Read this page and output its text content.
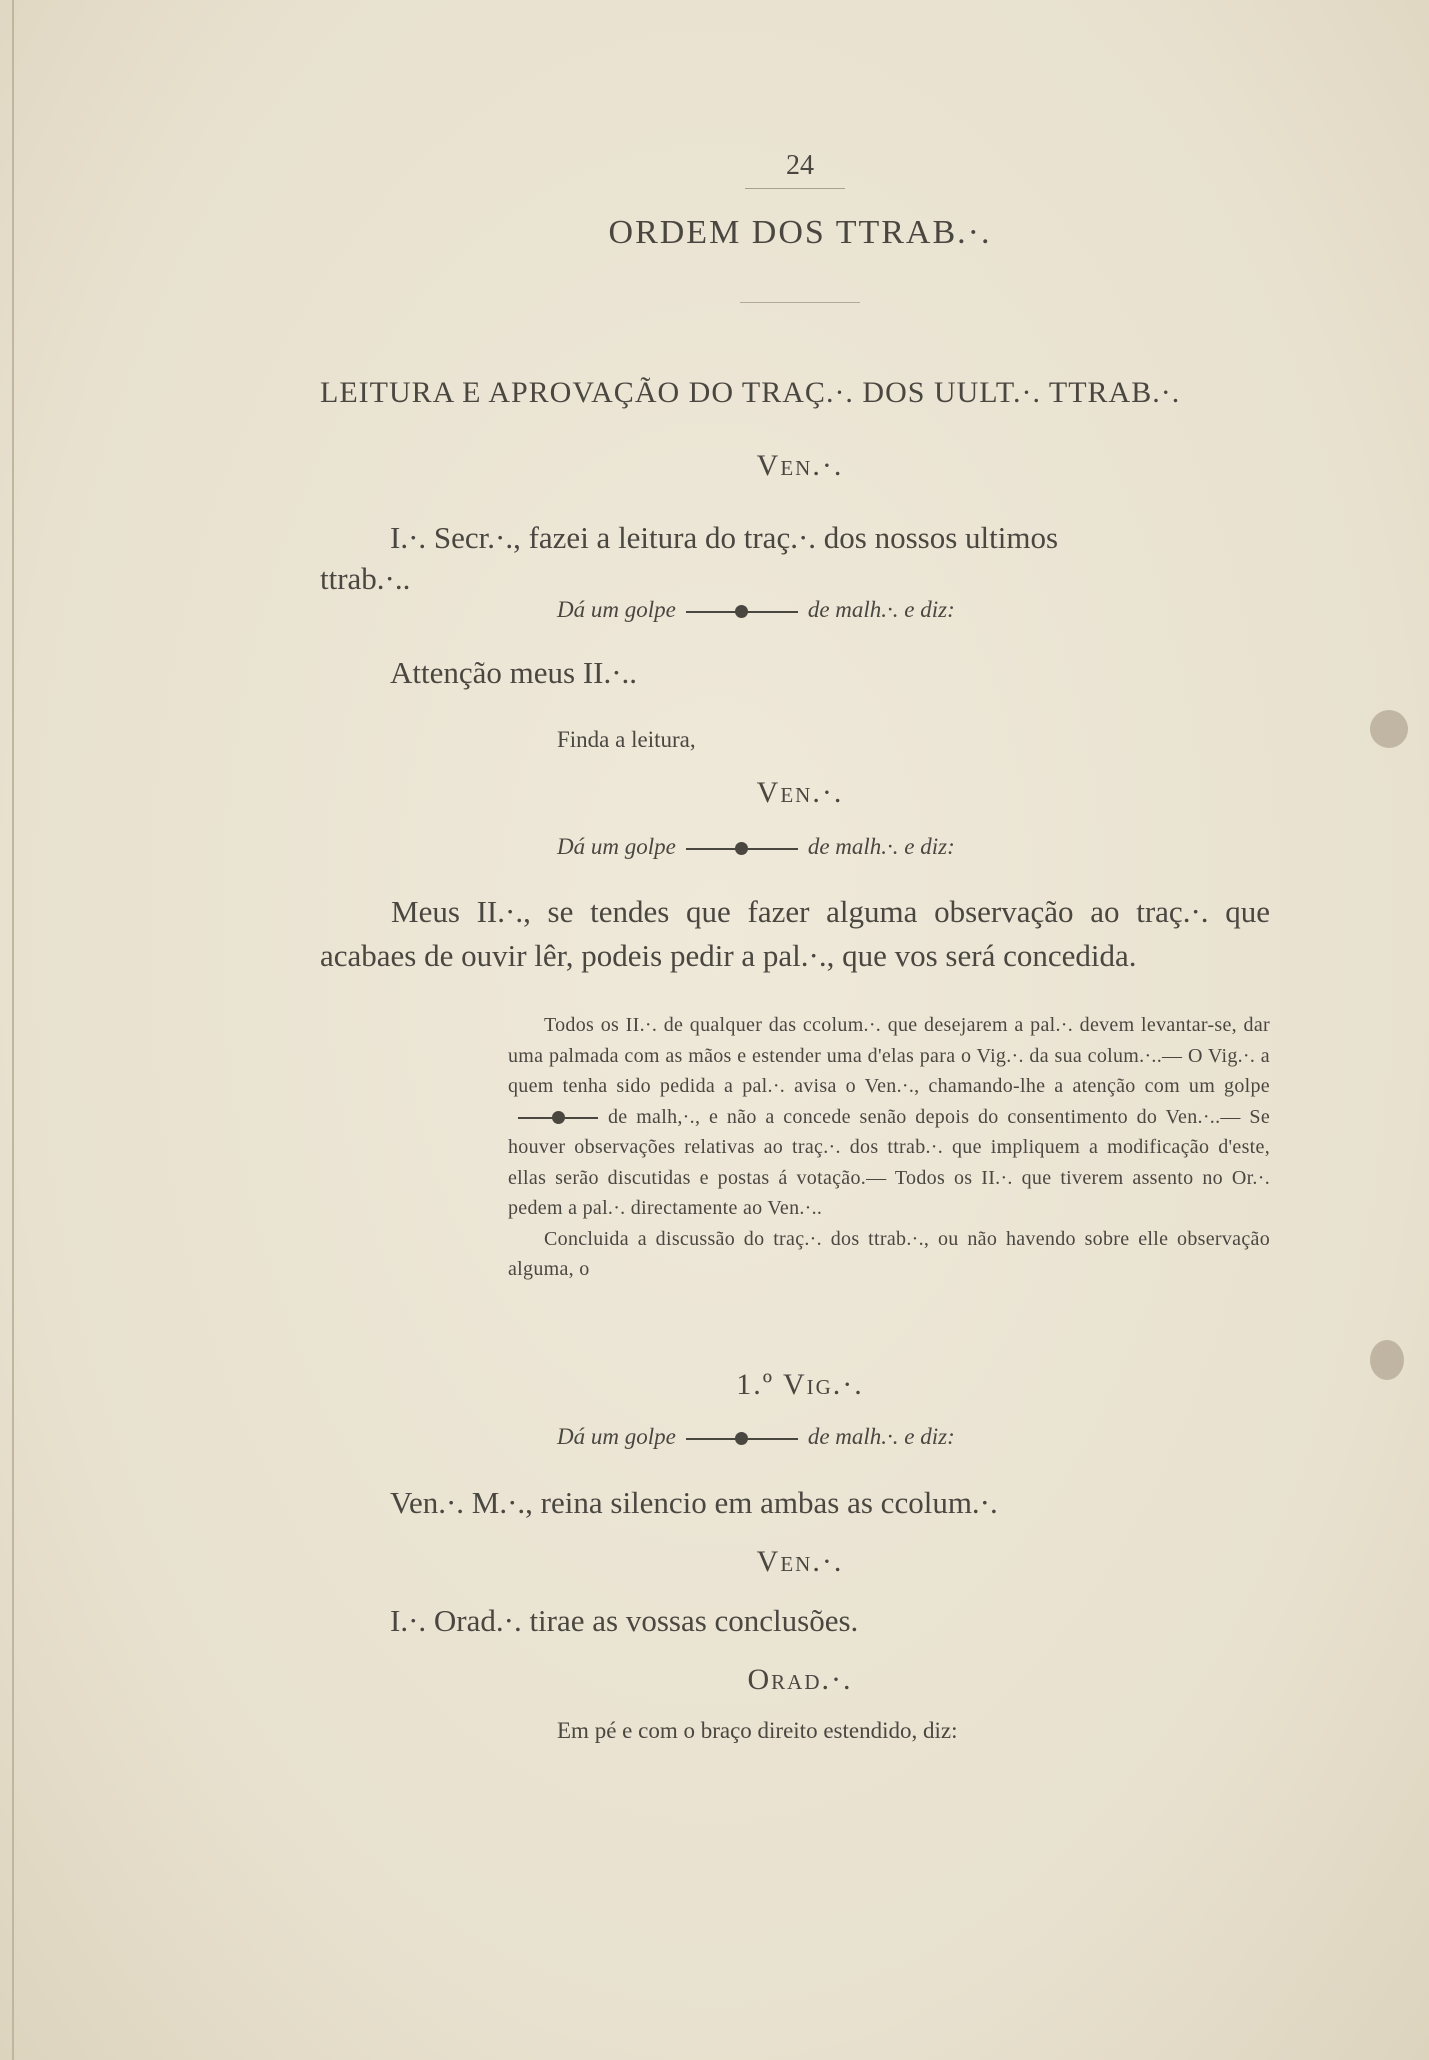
24
ORDEM DOS TTRAB.·.
LEITURA E APROVAÇÃO DO TRAÇ.·. DOS UULT.·. TTRAB.·.
Ven.·.
I.·. Secr.·., fazei a leitura do traç.·. dos nossos ultimos
ttrab.·..
Dá um golpe	de malh.·. e diz:
Attenção meus II.·..
Finda a leitura,
Ven.·.
Dá um golpe	de malh.·. e diz:
Meus II.·., se tendes que fazer alguma observação ao traç.·. que acabaes de ouvir lêr, podeis pedir a pal.·., que vos será concedida.
Todos os II.·. de qualquer das ccolum.·. que desejarem a pal.·. devem levantar-se, dar uma palmada com as mãos e estender uma d'elas para o Vig.·. da sua colum.·..— O Vig.·. a quem tenha sido pedida a pal.·. avisa o Ven.·., chamando-lhe a atenção com um golpe
de malh,·., e não a concede senão depois do consentimento do Ven.·..— Se houver observações relativas ao traç.·. dos ttrab.·. que impliquem a modificação d'este, ellas serão discutidas e postas á votação.— Todos os II.·. que tiverem assento no Or.·. pedem a pal.·. directamente ao Ven.·..
Concluida a discussão do traç.·. dos ttrab.·., ou não havendo sobre elle observação alguma, o
1.º Vig.·.
Dá um golpe	de malh.·. e diz:
Ven.·. M.·., reina silencio em ambas as ccolum.·.
Ven.·.
I.·. Orad.·. tirae as vossas conclusões.
Orad.·.
Em pé e com o braço direito estendido, diz:
